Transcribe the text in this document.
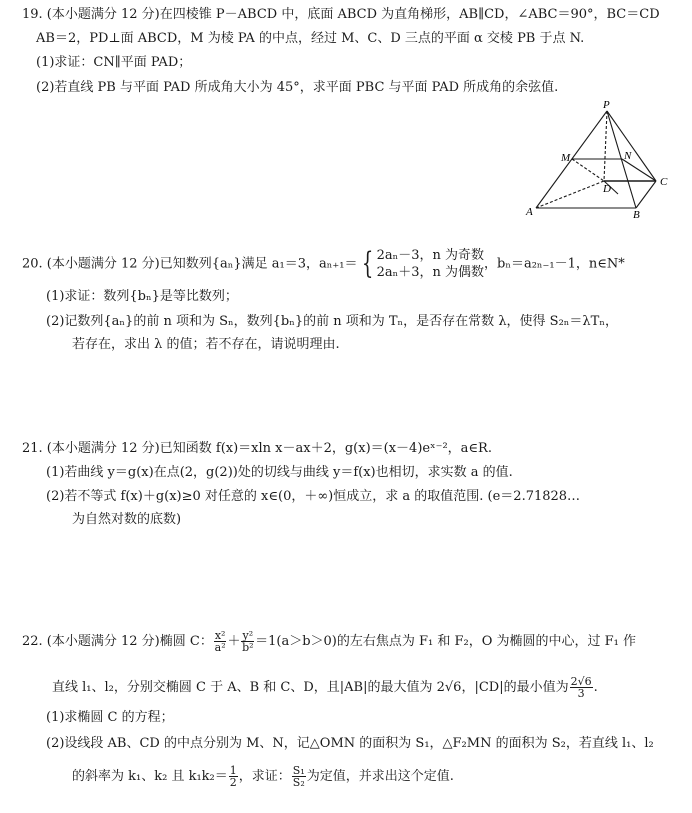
19. (本小题满分 12 分)在四棱锥 P－ABCD 中，底面 ABCD 为直角梯形，AB∥CD，∠ABC＝90°，BC＝CD
AB＝2，PD⊥面 ABCD，M 为棱 PA 的中点，经过 M、C、D 三点的平面 α 交棱 PB 于点 N.
(1)求证：CN∥平面 PAD；
(2)若直线 PB 与平面 PAD 所成角大小为 45°，求平面 PBC 与平面 PAD 所成角的余弦值.
P
M	N
D
C
A	B
20. (本小题满分 12 分)已知数列{aₙ}满足 a₁＝3，aₙ₊₁＝ { 2aₙ－3，n 为奇数
2aₙ＋3，n 为偶数
，bₙ＝a₂ₙ₋₁－1，n∈N*
(1)求证：数列{bₙ}是等比数列；
(2)记数列{aₙ}的前 n 项和为 Sₙ，数列{bₙ}的前 n 项和为 Tₙ，是否存在常数 λ，使得 S₂ₙ＝λTₙ，
若存在，求出 λ 的值；若不存在，请说明理由.
21. (本小题满分 12 分)已知函数 f(x)＝xln x－ax＋2，g(x)＝(x－4)eˣ⁻²，a∈R.
(1)若曲线 y＝g(x)在点(2，g(2))处的切线与曲线 y＝f(x)也相切，求实数 a 的值.
(2)若不等式 f(x)＋g(x)≥0 对任意的 x∈(0，＋∞)恒成立，求 a 的取值范围. (e＝2.71828…
为自然对数的底数)
22. (本小题满分 12 分)椭圆 C： $\frac{\text{x²}}{\text{a²}} + \frac{\text{y²}}{\text{b²}} =1(a>b>0)$的左右焦点为 F₁ 和 F₂，O 为椭圆的中心，过 F₁ 作
直线 l₁、l₂，分别交椭圆 C 于 A、B 和 C、D，且|AB|的最大值为 2√6，|CD|的最小值为 $\frac{2√6}{3}$ .
(1)求椭圆 C 的方程；
(2)设线段 AB、CD 的中点分别为 M、N，记△OMN 的面积为 S₁，△F₂MN 的面积为 S₂，若直线 l₁、l₂
的斜率为 k₁、k₂ 且 $k_1k_2= \frac{1}{2}$ ，求证： $\frac{\text{S₁}}{\text{S₂}}$ 为定值，并求出这个定值.
